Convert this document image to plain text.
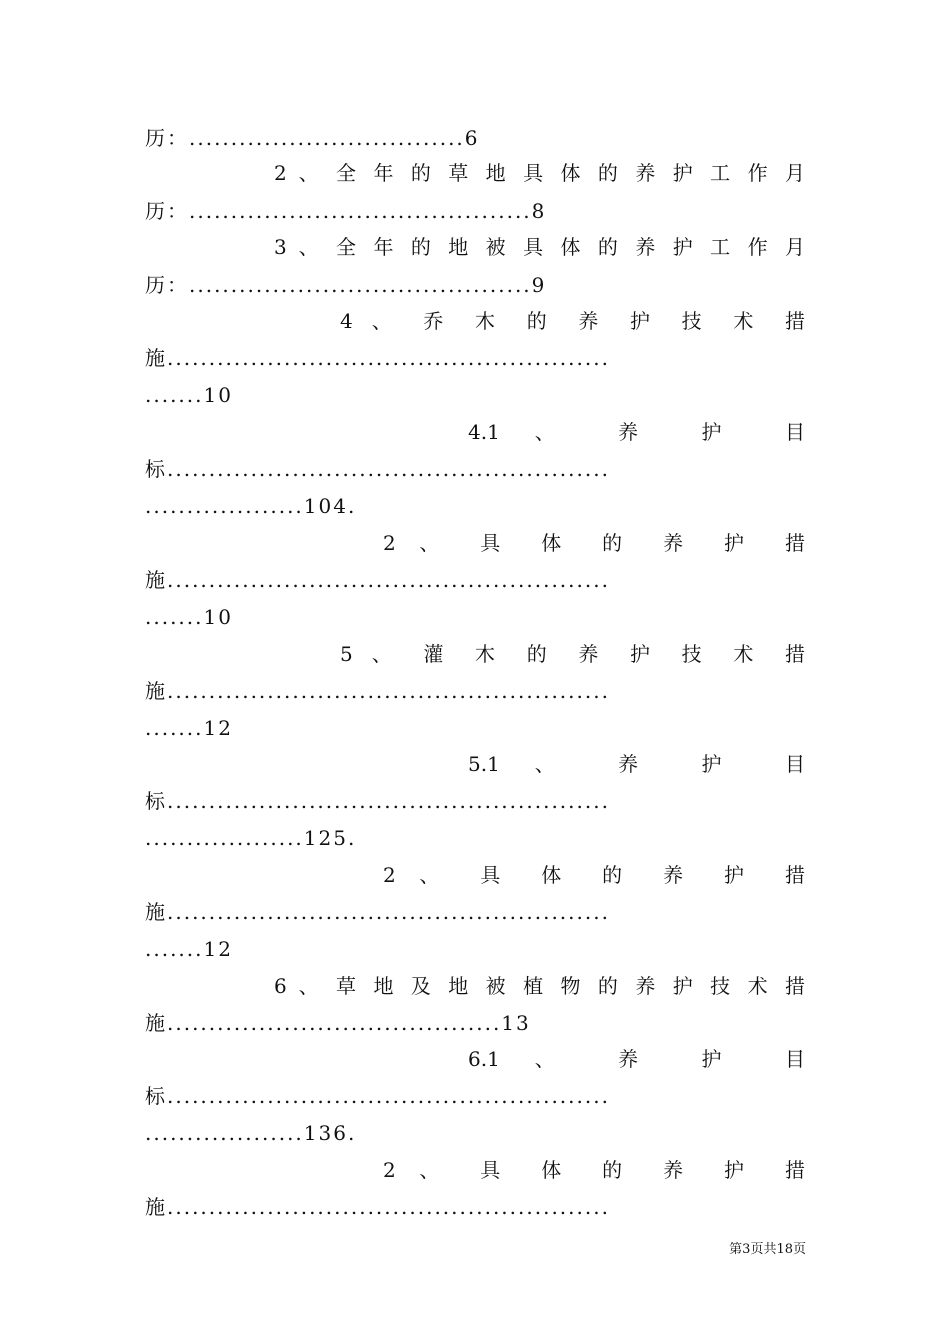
历：.................................6
2 、 全 年 的 草 地 具 体 的 养 护 工 作 月
历：.........................................8
3 、 全 年 的 地 被 具 体 的 养 护 工 作 月
历：.........................................9
4 、 乔 木 的 养 护 技 术 措
施.....................................................
.......10
4.1 、 养 护 目
标.....................................................
...................104.
2 、 具 体 的 养 护 措
施.....................................................
.......10
5 、 灌 木 的 养 护 技 术 措
施.....................................................
.......12
5.1 、 养 护 目
标.....................................................
...................125.
2 、 具 体 的 养 护 措
施.....................................................
.......12
6 、 草 地 及 地 被 植 物 的 养 护 技 术 措
施........................................13
6.1 、 养 护 目
标.....................................................
...................136.
2 、 具 体 的 养 护 措
施.....................................................
第3页共18页
